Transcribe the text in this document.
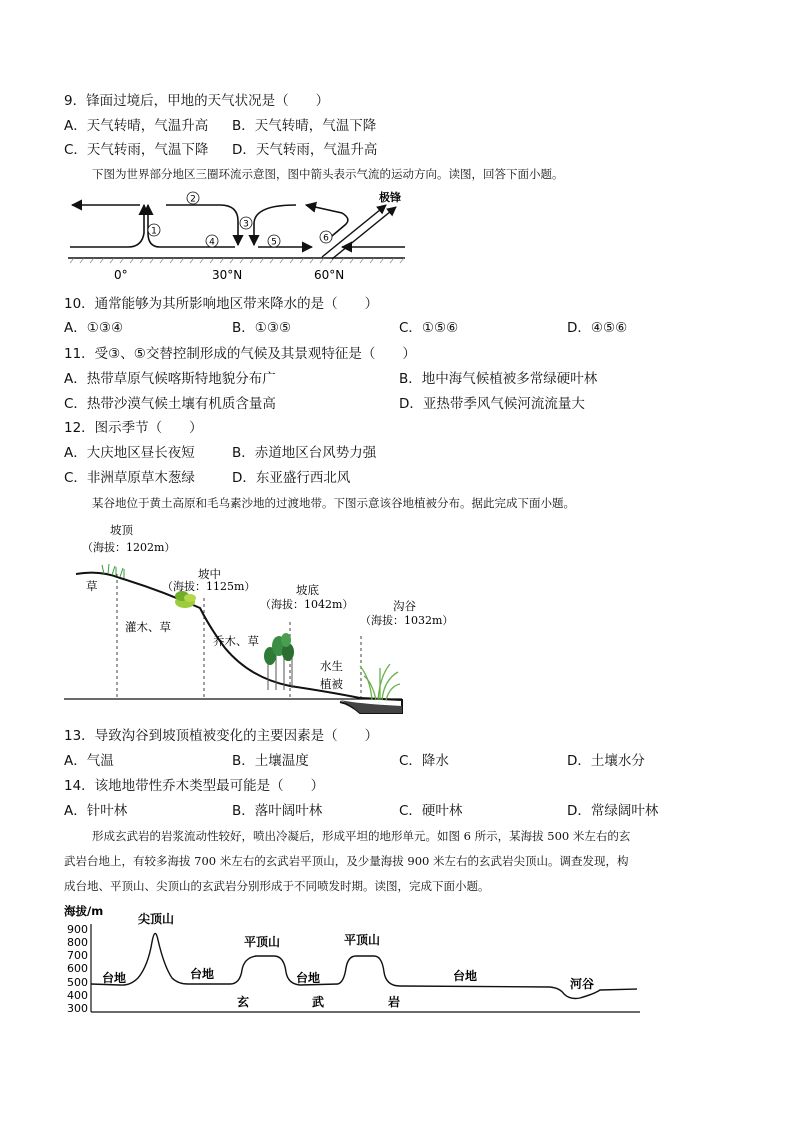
9．锋面过境后，甲地的天气状况是（　　）
A．天气转晴，气温升高 B．天气转晴，气温下降
C．天气转雨，气温下降 D．天气转雨，气温升高
下图为世界部分地区三圈环流示意图，图中箭头表示气流的运动方向。读图，回答下面小题。
1
2
3
4	5	6
极锋
0°	30°N	60°N
10．通常能够为其所影响地区带来降水的是（　　）
A．①③④	B．①③⑤	C．①⑤⑥	D．④⑤⑥
11．受③、⑤交替控制形成的气候及其景观特征是（　　）
A．热带草原气候喀斯特地貌分布广	B．地中海气候植被多常绿硬叶林
C．热带沙漠气候土壤有机质含量高	D．亚热带季风气候河流流量大
12．图示季节（　　）
A．大庆地区昼长夜短	B．赤道地区台风势力强
C．非洲草原草木葱绿	D．东亚盛行西北风
某谷地位于黄土高原和毛乌素沙地的过渡地带。下图示意该谷地植被分布。据此完成下面小题。
坡顶
（海拔：1202m）
草
坡中
（海拔：1125m）
灌木、草
坡底
（海拔：1042m）
乔木、草
沟谷
（海拔：1032m）
水生
植被
13．导致沟谷到坡顶植被变化的主要因素是（　　）
A．气温	B．土壤温度	C．降水	D．土壤水分
14．该地地带性乔木类型最可能是（　　）
A．针叶林	B．落叶阔叶林	C．硬叶林	D．常绿阔叶林
形成玄武岩的岩浆流动性较好，喷出冷凝后，形成平坦的地形单元。如图 6 所示，某海拔 500 米左右的玄
武岩台地上，有较多海拔 700 米左右的玄武岩平顶山，及少量海拔 900 米左右的玄武岩尖顶山。调查发现，构
成台地、平顶山、尖顶山的玄武岩分别形成于不同喷发时期。读图，完成下面小题。
海拔/m
900
800
700
600
500
400
300
尖顶山
平顶山	平顶山
台地	台地	台地	台地
河谷
玄	武	岩
